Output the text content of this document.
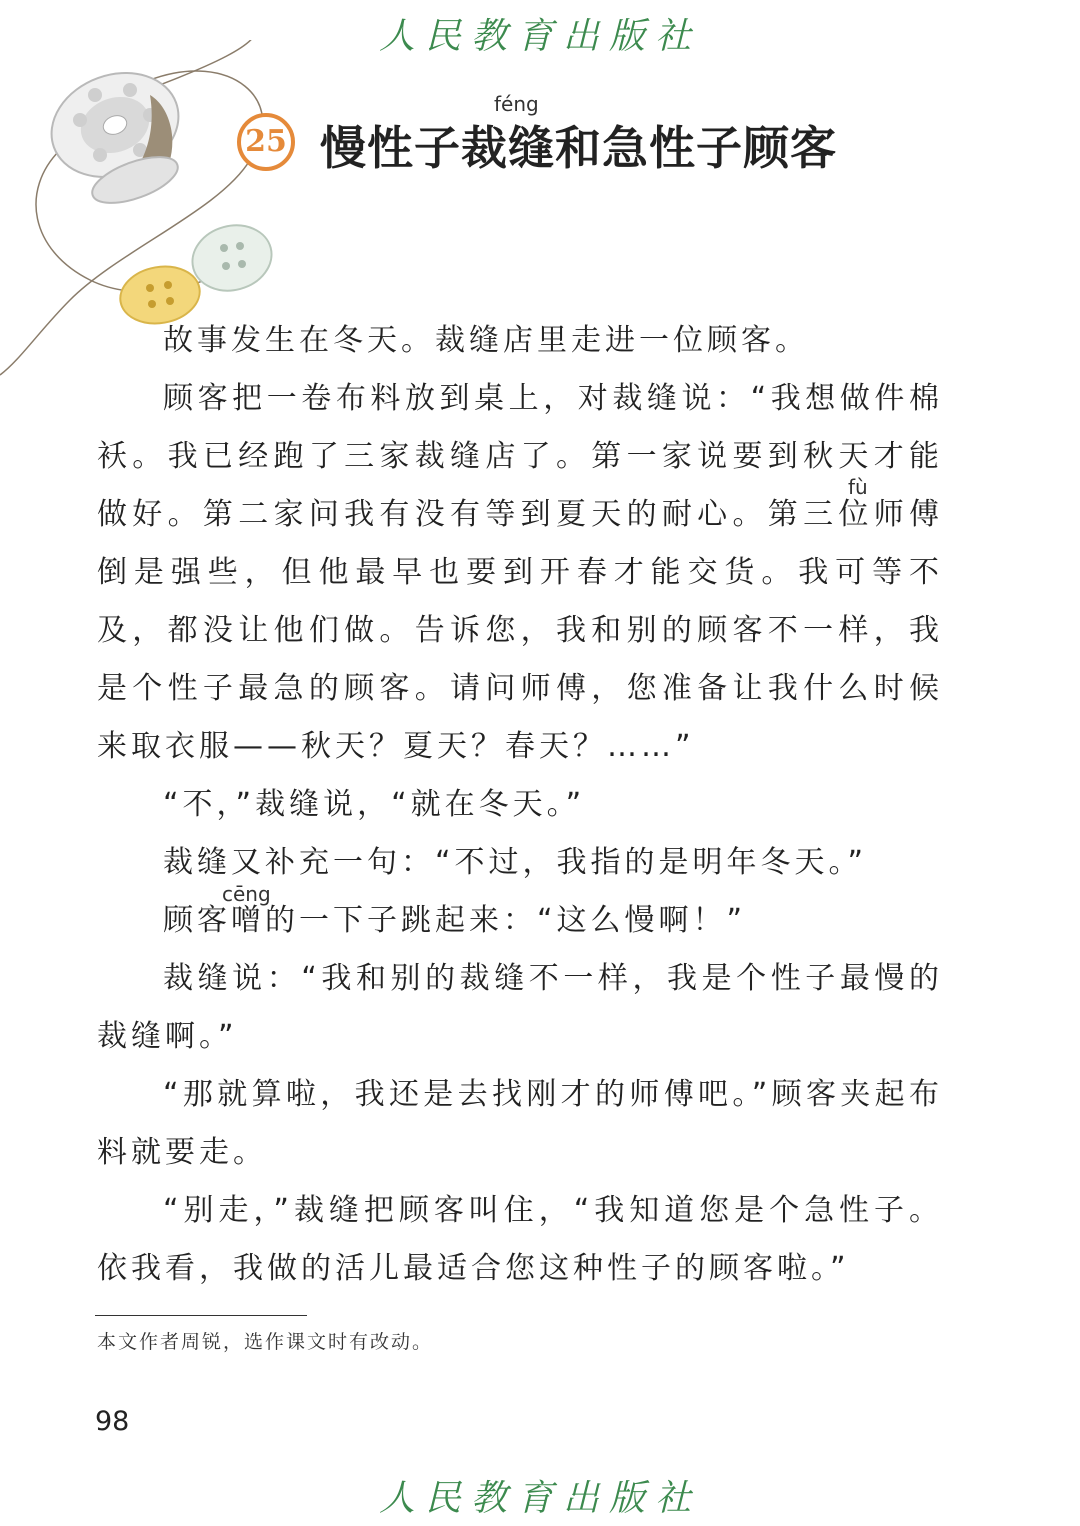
人民教育出版社
25
féng
慢性子裁缝和急性子顾客
fù
cēng

故事发生在冬天。裁缝店里走进一位顾客。

顾客把一卷布料放到桌上，对裁缝说：“我想做件棉袄。我已经跑了三家裁缝店了。第一家说要到秋天才能做好。第二家问我有没有等到夏天的耐心。第三位师傅倒是强些，但他最早也要到开春才能交货。我可等不及，都没让他们做。告诉您，我和别的顾客不一样，我是个性子最急的顾客。请问师傅，您准备让我什么时候来取衣服——秋天？夏天？春天？……”

“不，”裁缝说，“就在冬天。”

裁缝又补充一句：“不过，我指的是明年冬天。”

顾客噌的一下子跳起来：“这么慢啊！”

裁缝说：“我和别的裁缝不一样，我是个性子最慢的裁缝啊。”

“那就算啦，我还是去找刚才的师傅吧。”顾客夹起布料就要走。

“别走，”裁缝把顾客叫住，“我知道您是个急性子。依我看，我做的活儿最适合您这种性子的顾客啦。”

本文作者周锐，选作课文时有改动。
98
人民教育出版社
